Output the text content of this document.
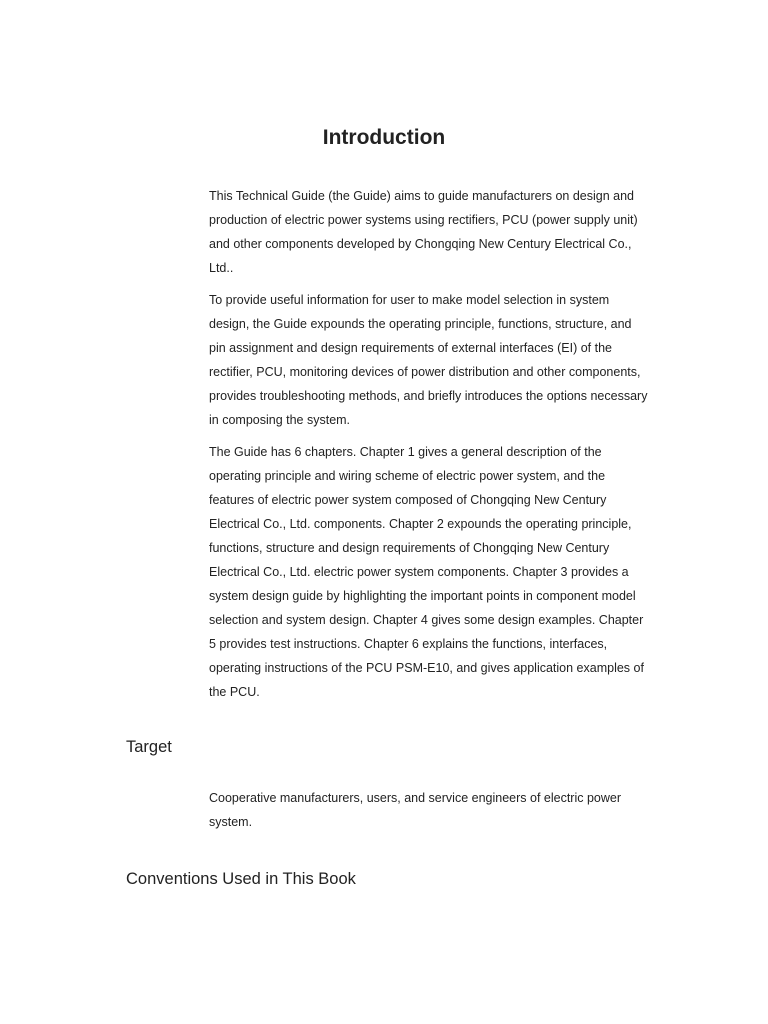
Introduction

This Technical Guide (the Guide) aims to guide manufacturers on design and production of electric power systems using rectifiers, PCU (power supply unit) and other components developed by Chongqing New Century Electrical Co., Ltd..

To provide useful information for user to make model selection in system design, the Guide expounds the operating principle, functions, structure, and pin assignment and design requirements of external interfaces (EI) of the rectifier, PCU, monitoring devices of power distribution and other components, provides troubleshooting methods, and briefly introduces the options necessary in composing the system.

The Guide has 6 chapters. Chapter 1 gives a general description of the operating principle and wiring scheme of electric power system, and the features of electric power system composed of Chongqing New Century Electrical Co., Ltd. components. Chapter 2 expounds the operating principle, functions, structure and design requirements of Chongqing New Century Electrical Co., Ltd. electric power system components. Chapter 3 provides a system design guide by highlighting the important points in component model selection and system design. Chapter 4 gives some design examples. Chapter 5 provides test instructions. Chapter 6 explains the functions, interfaces, operating instructions of the PCU PSM-E10, and gives application examples of the PCU.

Target

Cooperative manufacturers, users, and service engineers of electric power system.

Conventions Used in This Book
